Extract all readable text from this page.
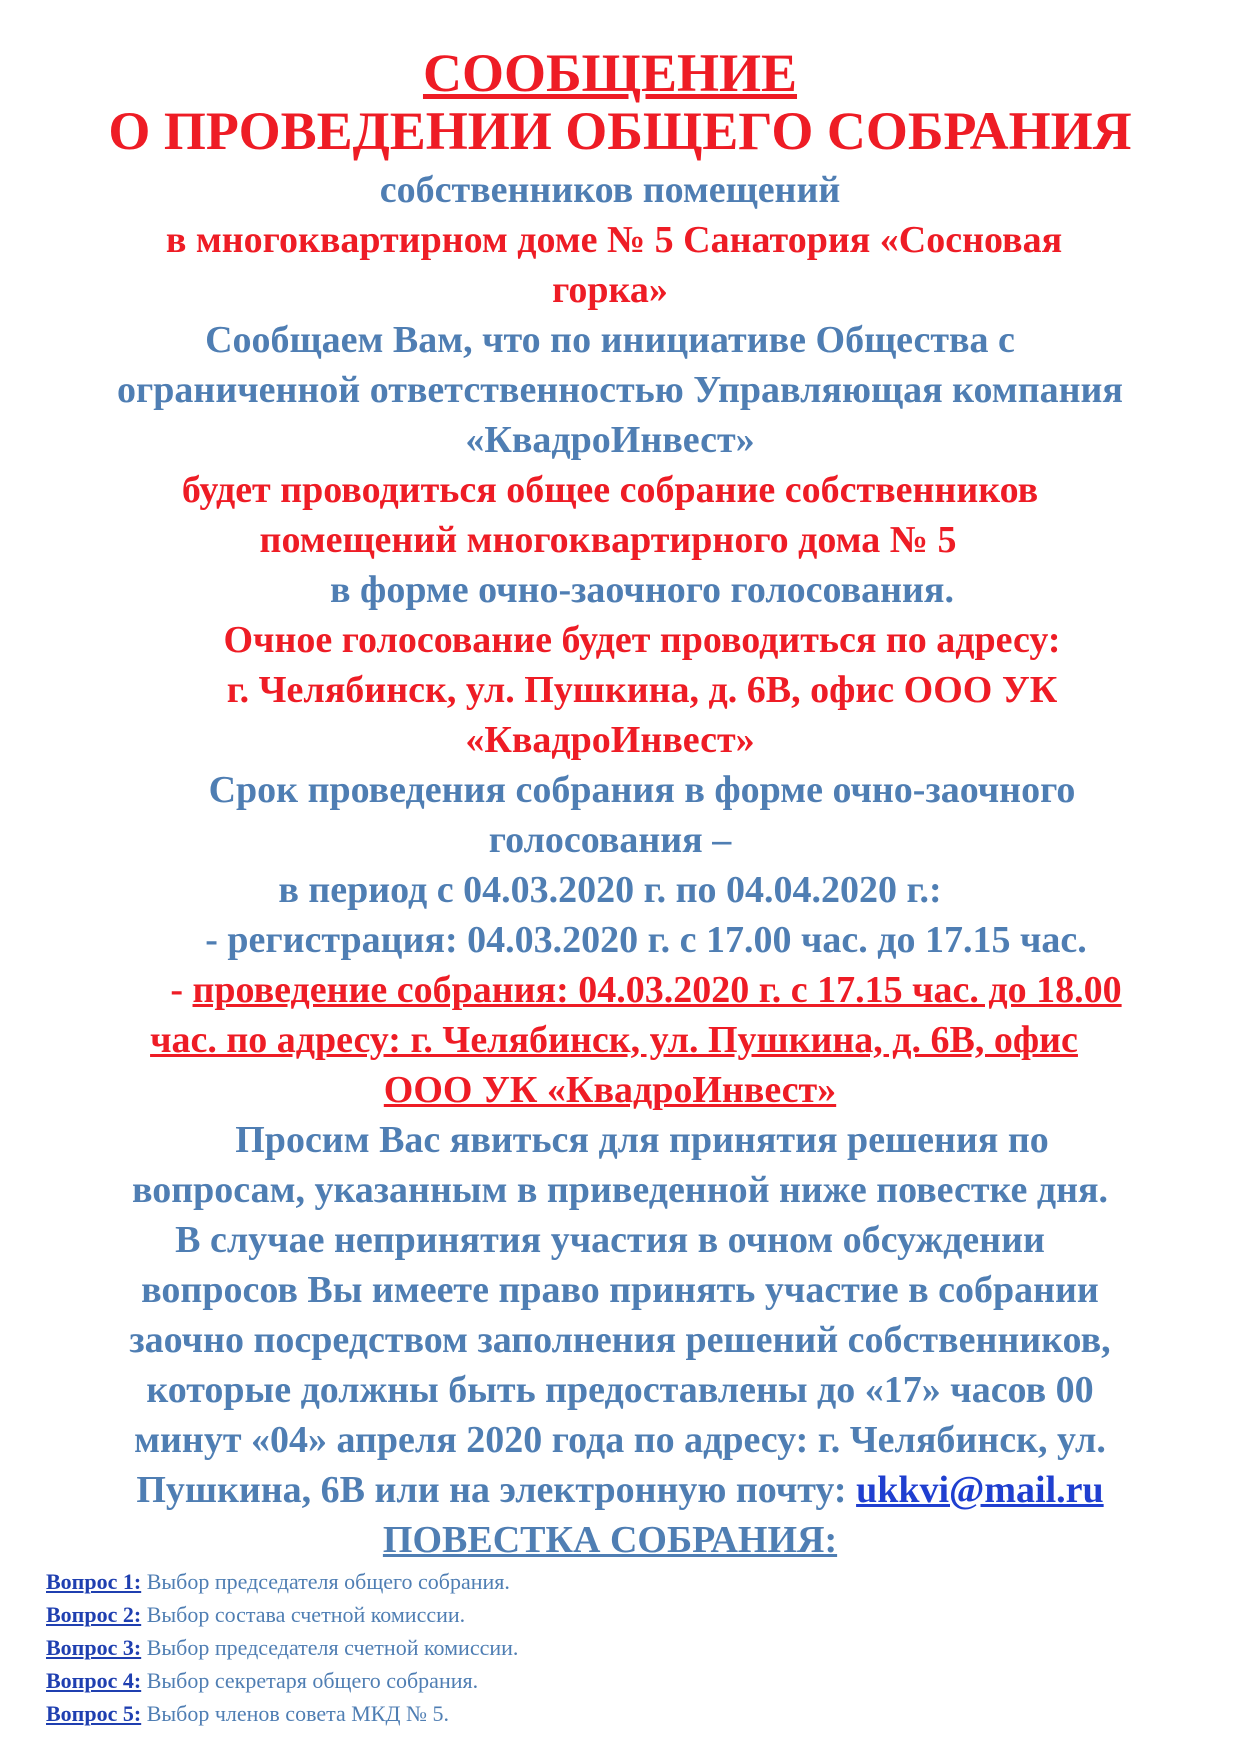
СООБЩЕНИЕ
О ПРОВЕДЕНИИ ОБЩЕГО СОБРАНИЯ
собственников помещений
в многоквартирном доме № 5 Санатория «Сосновая
горка»
Сообщаем Вам, что по инициативе Общества с
ограниченной ответственностью Управляющая компания
«КвадроИнвест»
будет проводиться общее собрание собственников
помещений многоквартирного дома № 5
в форме очно-заочного голосования.
Очное голосование будет проводиться по адресу:
г. Челябинск, ул. Пушкина, д. 6В, офис ООО УК
«КвадроИнвест»
Срок проведения собрания в форме очно-заочного
голосования –
в период с 04.03.2020 г. по 04.04.2020 г.:
- регистрация: 04.03.2020 г. с 17.00 час. до 17.15 час.
- проведение собрания: 04.03.2020 г. с 17.15 час. до 18.00
час. по адресу: г. Челябинск, ул. Пушкина, д. 6В, офис
ООО УК «КвадроИнвест»
Просим Вас явиться для принятия решения по
вопросам, указанным в приведенной ниже повестке дня.
В случае непринятия участия в очном обсуждении
вопросов Вы имеете право принять участие в собрании
заочно посредством заполнения решений собственников,
которые должны быть предоставлены до «17» часов 00
минут «04» апреля 2020 года по адресу: г. Челябинск, ул.
Пушкина, 6В или на электронную почту: ukkvi@mail.ru
ПОВЕСТКА СОБРАНИЯ:
Вопрос 1: Выбор председателя общего собрания.
Вопрос 2: Выбор состава счетной комиссии.
Вопрос 3: Выбор председателя счетной комиссии.
Вопрос 4: Выбор секретаря общего собрания.
Вопрос 5: Выбор членов совета МКД № 5.
